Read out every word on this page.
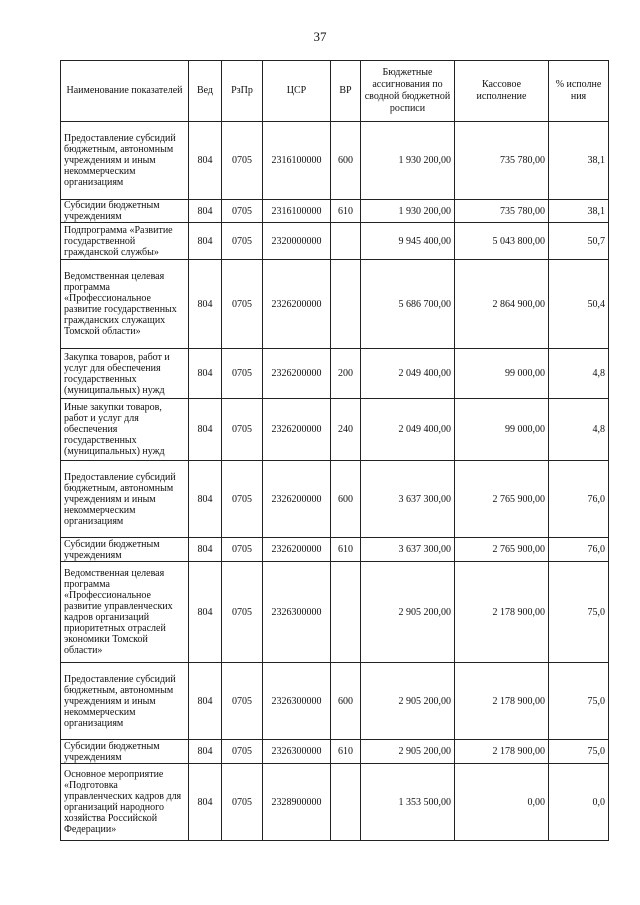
37
Наименование показателей	Вед	РзПр	ЦСР	ВР	Бюджетные ассигнования по сводной бюджетной росписи	Кассовое исполнение	% исполне ния
Предоставление субсидий бюджетным, автономным учреждениям и иным некоммерческим организациям	804	0705	2316100000	600	1 930 200,00	735 780,00	38,1
Субсидии бюджетным учреждениям	804	0705	2316100000	610	1 930 200,00	735 780,00	38,1
Подпрограмма «Развитие государственной гражданской службы»	804	0705	2320000000		9 945 400,00	5 043 800,00	50,7
Ведомственная целевая программа «Профессиональное развитие государственных гражданских служащих Томской области»	804	0705	2326200000		5 686 700,00	2 864 900,00	50,4
Закупка товаров, работ и услуг для обеспечения государственных (муниципальных) нужд	804	0705	2326200000	200	2 049 400,00	99 000,00	4,8
Иные закупки товаров, работ и услуг для обеспечения государственных (муниципальных) нужд	804	0705	2326200000	240	2 049 400,00	99 000,00	4,8
Предоставление субсидий бюджетным, автономным учреждениям и иным некоммерческим организациям	804	0705	2326200000	600	3 637 300,00	2 765 900,00	76,0
Субсидии бюджетным учреждениям	804	0705	2326200000	610	3 637 300,00	2 765 900,00	76,0
Ведомственная целевая программа «Профессиональное развитие управленческих кадров организаций приоритетных отраслей экономики Томской области»	804	0705	2326300000		2 905 200,00	2 178 900,00	75,0
Предоставление субсидий бюджетным, автономным учреждениям и иным некоммерческим организациям	804	0705	2326300000	600	2 905 200,00	2 178 900,00	75,0
Субсидии бюджетным учреждениям	804	0705	2326300000	610	2 905 200,00	2 178 900,00	75,0
Основное мероприятие «Подготовка управленческих кадров для организаций народного хозяйства Российской Федерации»	804	0705	2328900000		1 353 500,00	0,00	0,0
